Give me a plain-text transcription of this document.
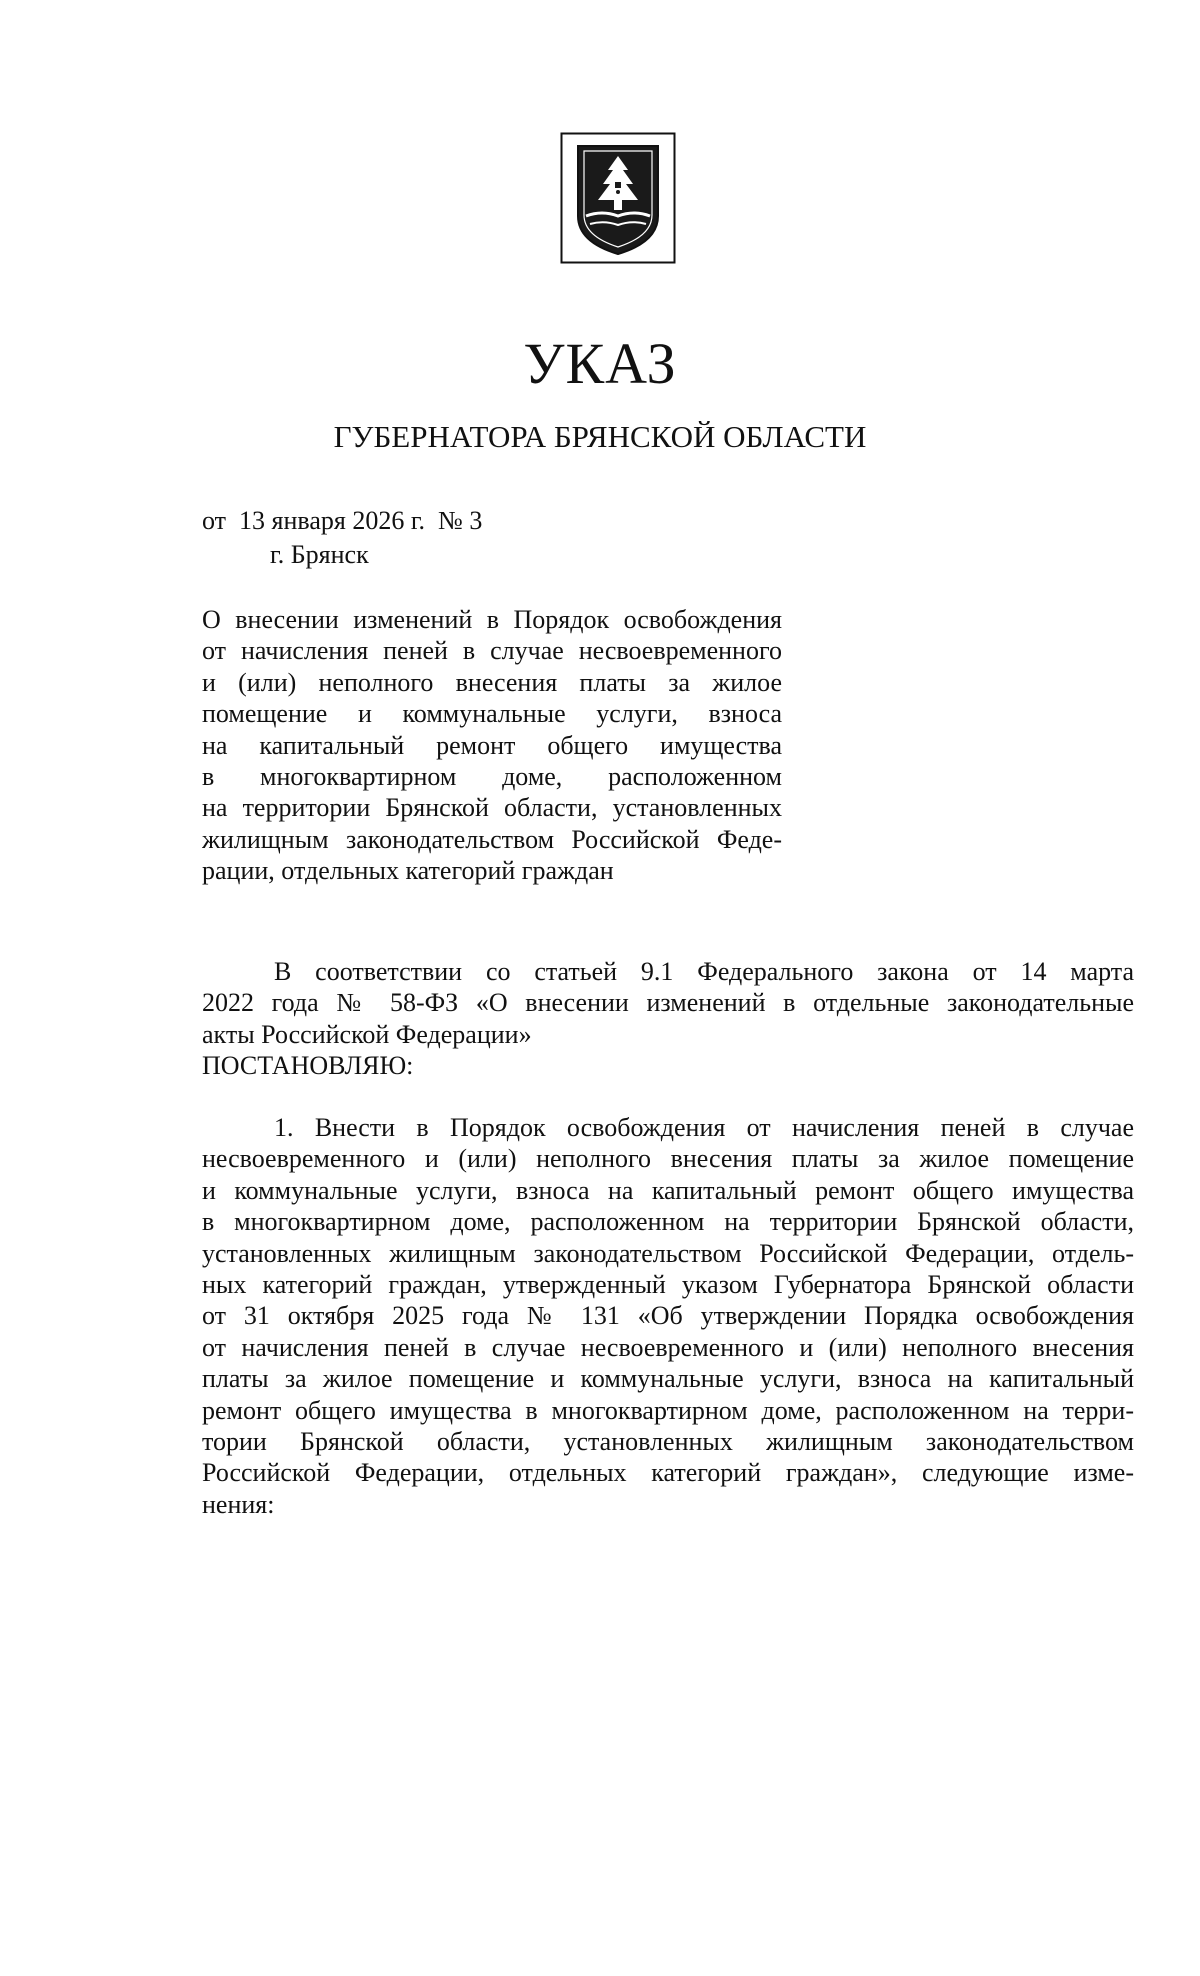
УКАЗ
ГУБЕРНАТОРА БРЯНСКОЙ ОБЛАСТИ
от  13 января 2026 г.  № 3
г. Брянск
О внесении изменений в Порядок освобождения
от начисления пеней в случае несвоевременного
и (или) неполного внесения платы за жилое
помещение и коммунальные услуги, взноса
на капитальный ремонт общего имущества
в многоквартирном доме, расположенном
на территории Брянской области, установленных
жилищным законодательством Российской Феде-
рации, отдельных категорий граждан
В соответствии со статьей 9.1 Федерального закона от 14 марта
2022 года № 58-ФЗ «О внесении изменений в отдельные законодательные
акты Российской Федерации»
ПОСТАНОВЛЯЮ:
1. Внести в Порядок освобождения от начисления пеней в случае
несвоевременного и (или) неполного внесения платы за жилое помещение
и коммунальные услуги, взноса на капитальный ремонт общего имущества
в многоквартирном доме, расположенном на территории Брянской области,
установленных жилищным законодательством Российской Федерации, отдель-
ных категорий граждан, утвержденный указом Губернатора Брянской области
от 31 октября 2025 года № 131 «Об утверждении Порядка освобождения
от начисления пеней в случае несвоевременного и (или) неполного внесения
платы за жилое помещение и коммунальные услуги, взноса на капитальный
ремонт общего имущества в многоквартирном доме, расположенном на терри-
тории Брянской области, установленных жилищным законодательством
Российской Федерации, отдельных категорий граждан», следующие изме-
нения:
